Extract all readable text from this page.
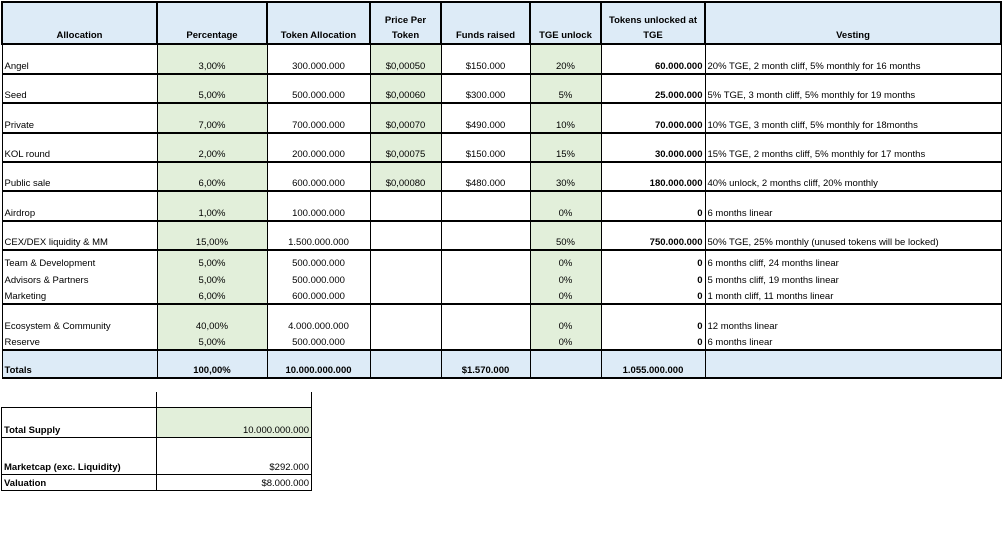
Allocation	Percentage	Token Allocation	Price Per Token	Funds raised	TGE unlock	Tokens unlocked at TGE	Vesting
Angel	3,00%	300.000.000	$0,00050	$150.000	20%	60.000.000	20% TGE, 2 month cliff, 5% monthly for 16 months
Seed	5,00%	500.000.000	$0,00060	$300.000	5%	25.000.000	5% TGE, 3 month cliff, 5% monthly for 19 months
Private	7,00%	700.000.000	$0,00070	$490.000	10%	70.000.000	10% TGE, 3 month cliff, 5% monthly for 18months
KOL round	2,00%	200.000.000	$0,00075	$150.000	15%	30.000.000	15% TGE, 2 months cliff, 5% monthly for 17 months
Public sale	6,00%	600.000.000	$0,00080	$480.000	30%	180.000.000	40% unlock, 2 months cliff, 20% monthly
Airdrop	1,00%	100.000.000			0%	0	6 months linear
CEX/DEX liquidity & MM	15,00%	1.500.000.000			50%	750.000.000	50% TGE, 25% monthly (unused tokens will be locked)
Team & Development	5,00%	500.000.000			0%	0	6 months cliff, 24 months linear
Advisors & Partners	5,00%	500.000.000			0%	0	5 months cliff, 19 months linear
Marketing	6,00%	600.000.000			0%	0	1 month cliff, 11 months linear
Ecosystem & Community	40,00%	4.000.000.000			0%	0	12 months linear
Reserve	5,00%	500.000.000			0%	0	6 months linear
Totals	100,00%	10.000.000.000		$1.570.000		1.055.000.000	

Total Supply	10.000.000.000
Marketcap (exc. Liquidity)	$292.000
Valuation	$8.000.000
